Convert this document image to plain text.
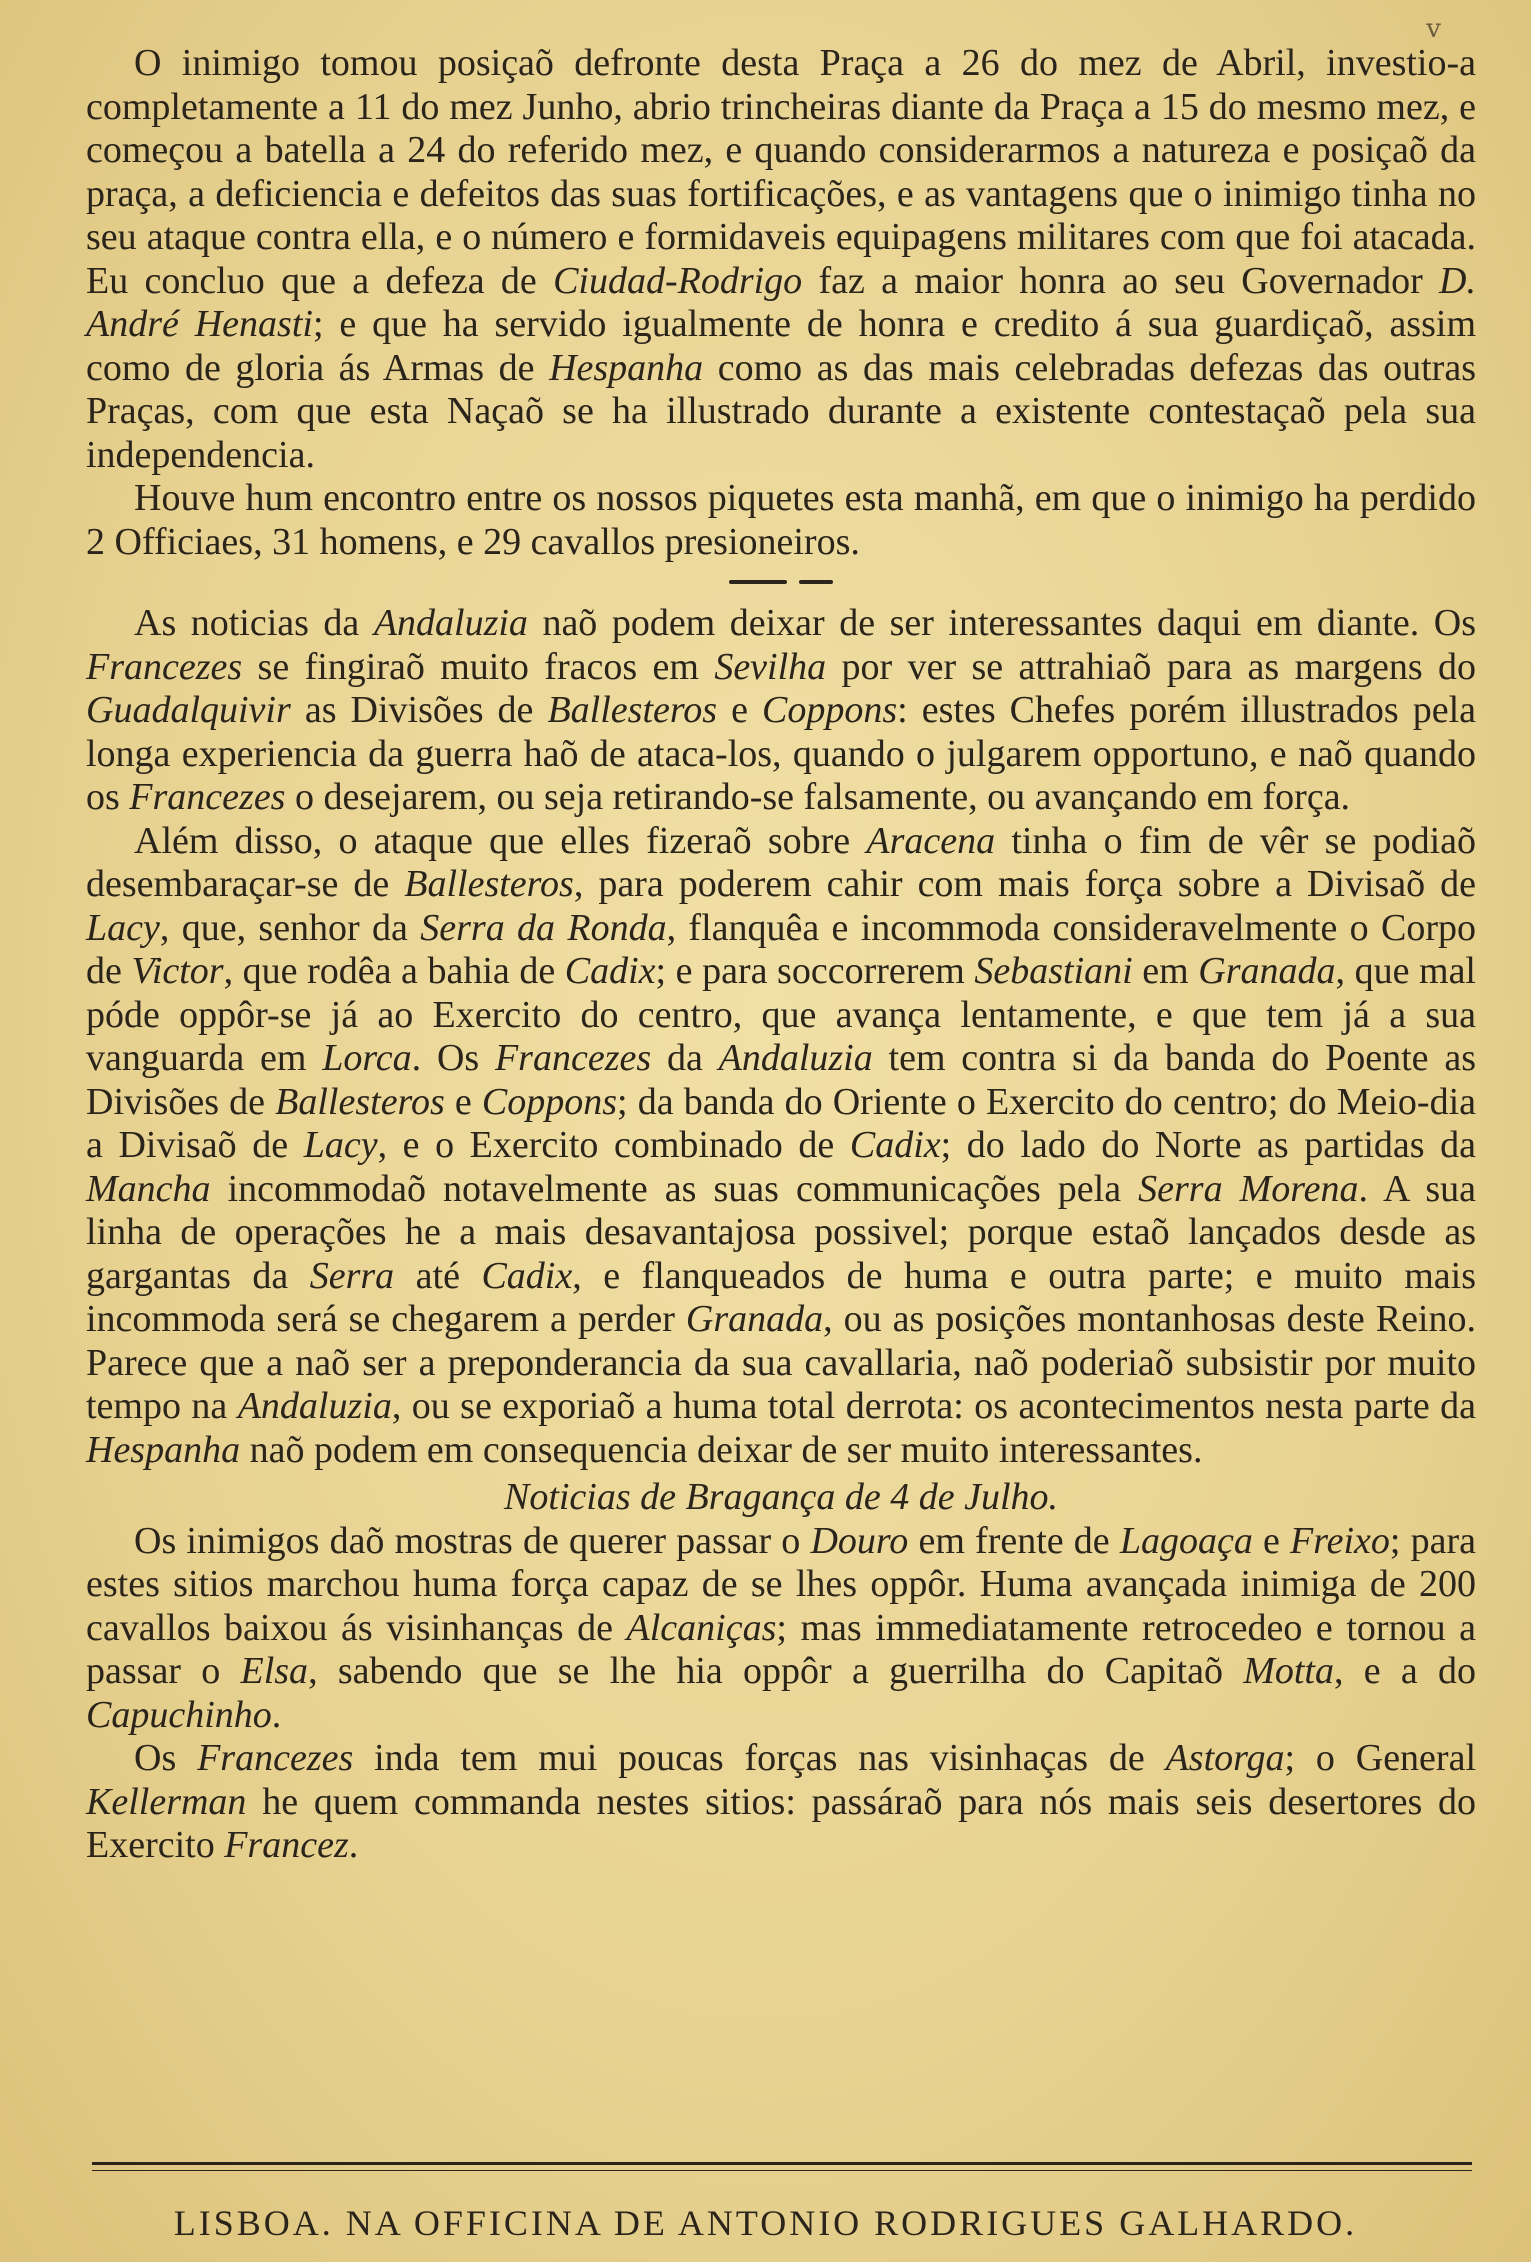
v

O inimigo tomou posiçaõ defronte desta Praça a 26 do mez de Abril, investio-a completamente a 11 do mez Junho, abrio trincheiras diante da Praça a 15 do mesmo mez, e começou a batella a 24 do referido mez, e quando considerarmos a natureza e posiçaõ da praça, a deficiencia e defeitos das suas fortificações, e as vantagens que o inimigo tinha no seu ataque contra ella, e o número e formidaveis equipagens militares com que foi atacada. Eu concluo que a defeza de Ciudad-Rodrigo faz a maior honra ao seu Governador D. André Henasti; e que ha servido igualmente de honra e credito á sua guardiçaõ, assim como de gloria ás Armas de Hespanha como as das mais celebradas defezas das outras Praças, com que esta Naçaõ se ha illustrado durante a existente contestaçaõ pela sua independencia.

Houve hum encontro entre os nossos piquetes esta manhã, em que o inimigo ha perdido 2 Officiaes, 31 homens, e 29 cavallos presioneiros.

As noticias da Andaluzia naõ podem deixar de ser interessantes daqui em diante. Os Francezes se fingiraõ muito fracos em Sevilha por ver se attrahiaõ para as margens do Guadalquivir as Divisões de Ballesteros e Coppons: estes Chefes porém illustrados pela longa experiencia da guerra haõ de ataca-los, quando o julgarem opportuno, e naõ quando os Francezes o desejarem, ou seja retirando-se falsamente, ou avançando em força.

Além disso, o ataque que elles fizeraõ sobre Aracena tinha o fim de vêr se podiaõ desembaraçar-se de Ballesteros, para poderem cahir com mais força sobre a Divisaõ de Lacy, que, senhor da Serra da Ronda, flanquêa e incommoda consideravelmente o Corpo de Victor, que rodêa a bahia de Cadix; e para soccorrerem Sebastiani em Granada, que mal póde oppôr-se já ao Exercito do centro, que avança lentamente, e que tem já a sua vanguarda em Lorca. Os Francezes da Andaluzia tem contra si da banda do Poente as Divisões de Ballesteros e Coppons; da banda do Oriente o Exercito do centro; do Meio-dia a Divisaõ de Lacy, e o Exercito combinado de Cadix; do lado do Norte as partidas da Mancha incommodaõ notavelmente as suas communicações pela Serra Morena. A sua linha de operações he a mais desavantajosa possivel; porque estaõ lançados desde as gargantas da Serra até Cadix, e flanqueados de huma e outra parte; e muito mais incommoda será se chegarem a perder Granada, ou as posições montanhosas deste Reino. Parece que a naõ ser a preponderancia da sua cavallaria, naõ poderiaõ subsistir por muito tempo na Andaluzia, ou se exporiaõ a huma total derrota: os acontecimentos nesta parte da Hespanha naõ podem em consequencia deixar de ser muito interessantes.

Noticias de Bragança de 4 de Julho.

Os inimigos daõ mostras de querer passar o Douro em frente de Lagoaça e Freixo; para estes sitios marchou huma força capaz de se lhes oppôr. Huma avançada inimiga de 200 cavallos baixou ás visinhanças de Alcaniças; mas immediatamente retrocedeo e tornou a passar o Elsa, sabendo que se lhe hia oppôr a guerrilha do Capitaõ Motta, e a do Capuchinho.

Os Francezes inda tem mui poucas forças nas visinhaças de Astorga; o General Kellerman he quem commanda nestes sitios: passáraõ para nós mais seis desertores do Exercito Francez.

LISBOA. NA OFFICINA DE ANTONIO RODRIGUES GALHARDO.
